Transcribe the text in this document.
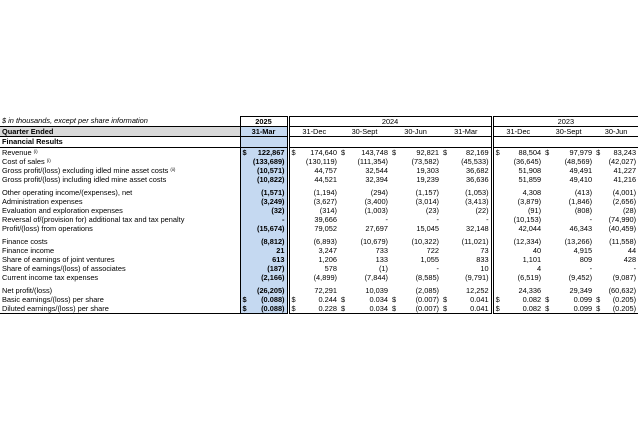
$ in thousands, except per share information	2025		2024								2023					
Quarter Ended	31-Mar		31-Dec		30-Sept		30-Jun		31-Mar		31-Dec		30-Sept		30-Jun	
Financial Results																
Revenue $^{(i)}$	$	122,867	$	174,640	$	143,748	$	92,821	$	82,169	$	88,504	$	97,979	$	83,243
Cost of sales $^{(i)}$		(133,689)		(130,119)		(111,354)		(73,582)		(45,533)		(36,645)		(48,569)		(42,027)
Gross profit/(loss) excluding idled mine asset costs $^{(ii)}$		(10,571)		44,757		32,544		19,303		36,682		51,908		49,491		41,227
Gross profit/(loss) including idled mine asset costs		(10,822)		44,521		32,394		19,239		36,636		51,859		49,410		41,216

Other operating income/(expenses), net		(1,571)		(1,194)		(294)		(1,157)		(1,053)		4,308		(413)		(4,001)
Administration expenses		(3,249)		(3,627)		(3,400)		(3,014)		(3,413)		(3,879)		(1,846)		(2,656)
Evaluation and exploration expenses		(32)		(314)		(1,003)		(23)		(22)		(91)		(808)		(28)
Reversal of/(provision for) additional tax and tax penalty		-		39,666		-		-		-		(10,153)		-		(74,990)
Profit/(loss) from operations		(15,674)		79,052		27,697		15,045		32,148		42,044		46,343		(40,459)

Finance costs		(8,812)		(6,893)		(10,679)		(10,322)		(11,021)		(12,334)		(13,266)		(11,558)
Finance income		21		3,247		733		722		73		40		4,915		44
Share of earnings of joint ventures		613		1,206		133		1,055		833		1,101		809		428
Share of earnings/(loss) of associates		(187)		578		(1)		-		10		4		-		-
Current income tax expenses		(2,166)		(4,899)		(7,844)		(8,585)		(9,791)		(6,519)		(9,452)		(9,087)

Net profit/(loss)		(26,205)		72,291		10,039		(2,085)		12,252		24,336		29,349		(60,632)
Basic earnings/(loss) per share	$	(0.088)	$	0.244	$	0.034	$	(0.007)	$	0.041	$	0.082	$	0.099	$	(0.205)
Diluted earnings/(loss) per share	$	(0.088)	$	0.228	$	0.034	$	(0.007)	$	0.041	$	0.082	$	0.099	$	(0.205)
